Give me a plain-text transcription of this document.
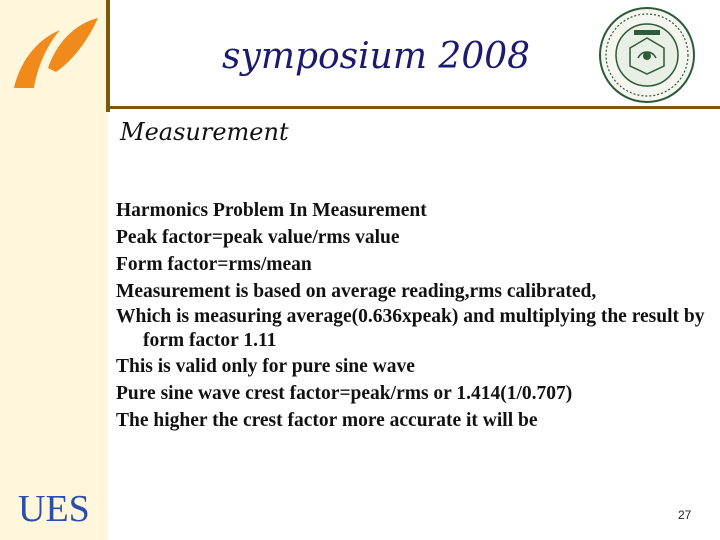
symposium 2008
Measurement
Harmonics Problem In Measurement
Peak factor=peak value/rms value
Form factor=rms/mean
Measurement is based on average reading,rms calibrated,
Which is measuring average(0.636xpeak) and multiplying the result by form factor 1.11
This is valid only for pure sine wave
Pure sine wave crest factor=peak/rms or 1.414(1/0.707)
The higher the crest factor more accurate it will be
UES	27
